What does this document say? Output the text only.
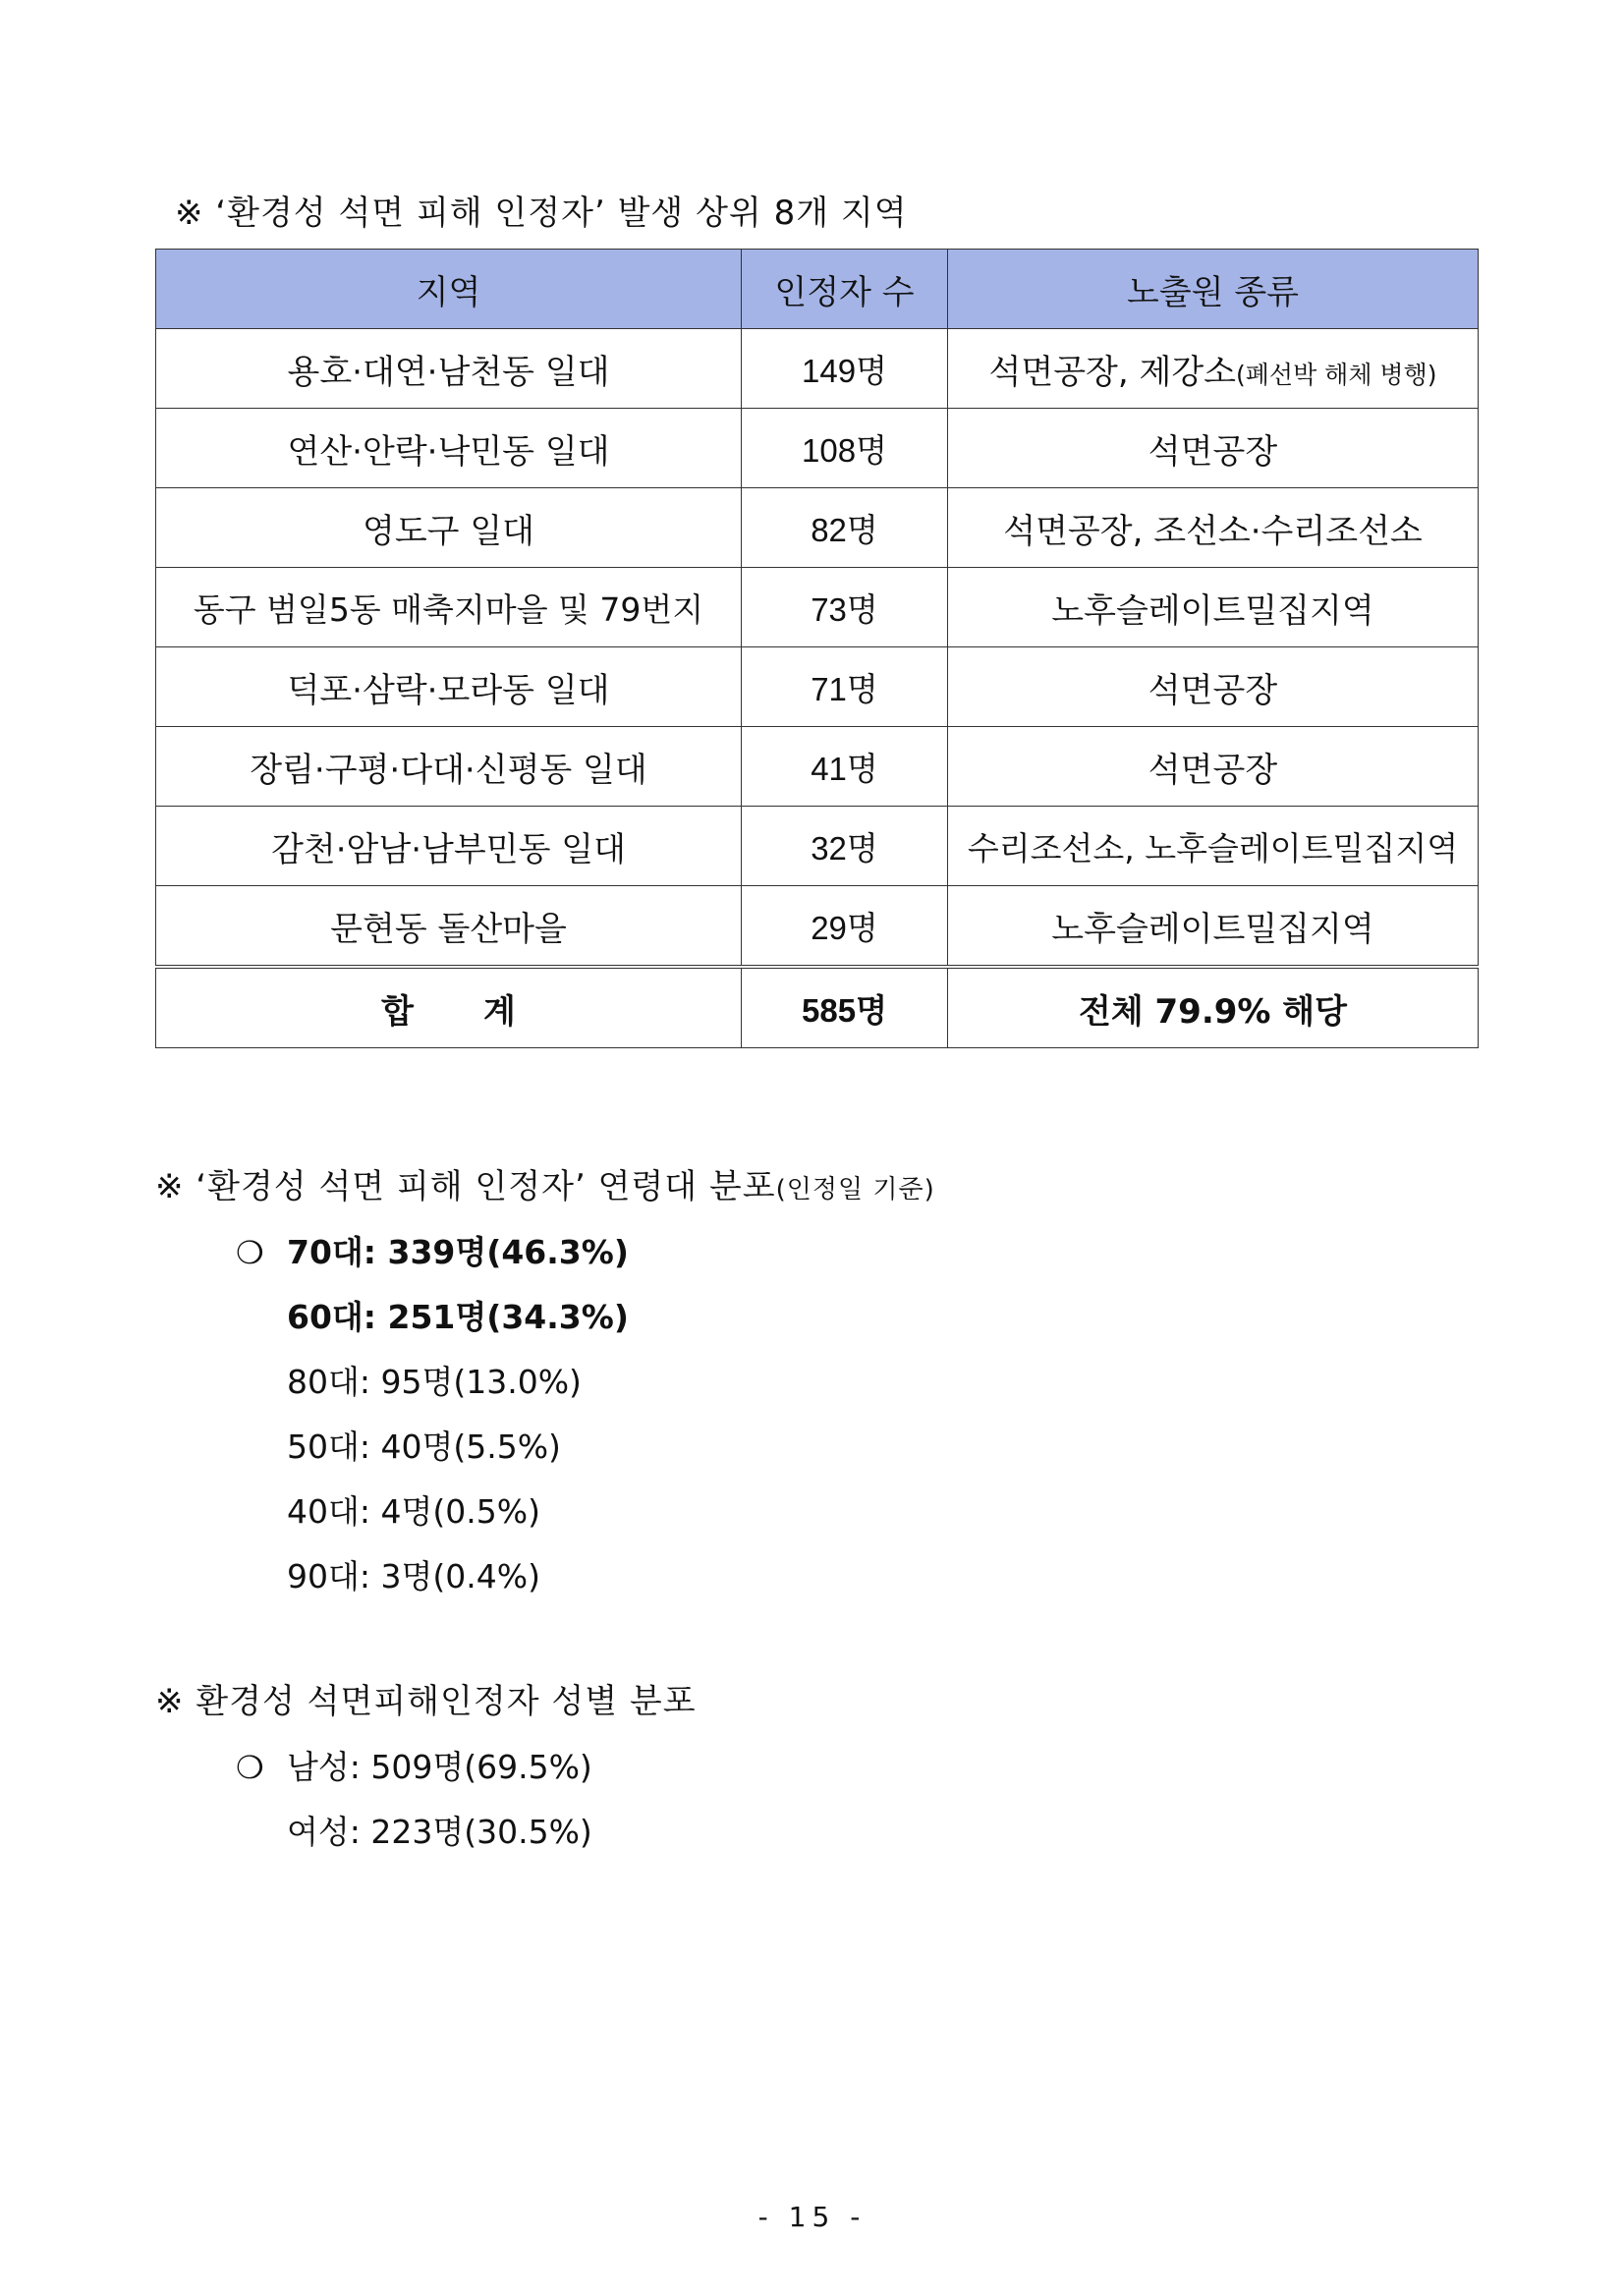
※ ‘환경성 석면 피해 인정자’ 발생 상위 8개 지역
지역	인정자 수	노출원 종류
용호·대연·남천동 일대	149명	석면공장, 제강소(폐선박 해체 병행)
연산·안락·낙민동 일대	108명	석면공장
영도구 일대	82명	석면공장, 조선소·수리조선소
동구 범일5동 매축지마을 및 79번지	73명	노후슬레이트밀집지역
덕포·삼락·모라동 일대	71명	석면공장
장림·구평·다대·신평동 일대	41명	석면공장
감천·암남·남부민동 일대	32명	수리조선소, 노후슬레이트밀집지역
문현동 돌산마을	29명	노후슬레이트밀집지역
합      계	585명	전체 79.9% 해당
※ ‘환경성 석면 피해 인정자’ 연령대 분포(인정일 기준)
❍ 70대: 339명(46.3%)
60대: 251명(34.3%)
80대: 95명(13.0%)
50대: 40명(5.5%)
40대: 4명(0.5%)
90대: 3명(0.4%)
※ 환경성 석면피해인정자 성별 분포
❍ 남성: 509명(69.5%)
여성: 223명(30.5%)
- 15 -
